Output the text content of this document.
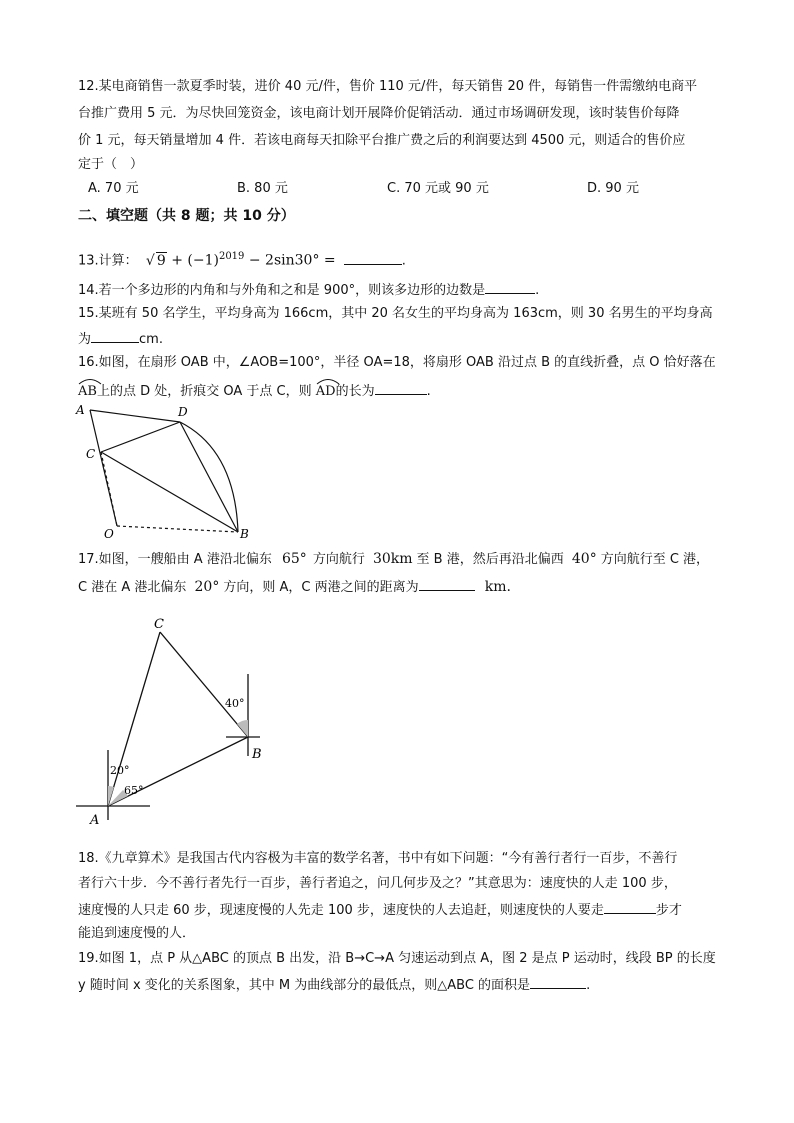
12.某电商销售一款夏季时装，进价 40 元/件，售价 110 元/件，每天销售 20 件，每销售一件需缴纳电商平
台推广费用 5 元．为尽快回笼资金，该电商计划开展降价促销活动．通过市场调研发现，该时装售价每降
价 1 元，每天销量增加 4 件．若该电商每天扣除平台推广费之后的利润要达到 4500 元，则适合的售价应
定于（　）
A. 70 元	B. 80 元	C. 70 元或 90 元	D. 90 元
二、填空题（共 8 题；共 10 分）
13.计算： √ $9 + (-1)^{2019} - 2\sin 30^\circ$ =	.
14.若一个多边形的内角和与外角和之和是 900°，则该多边形的边数是	.
15.某班有 50 名学生，平均身高为 166cm，其中 20 名女生的平均身高为 163cm，则 30 名男生的平均身高
为	cm.
16.如图，在扇形 OAB 中，∠AOB=100°，半径 OA=18，将扇形 OAB 沿过点 B 的直线折叠，点 O 恰好落在
AB上的点 D 处，折痕交 OA 于点 C，则 AD的长为	.
A	D
C
O	B
17.如图，一艘船由 A 港沿北偏东 65° 方向航行 30km 至 B 港，然后再沿北偏西 40° 方向航行至 C 港，
C 港在 A 港北偏东 20° 方向，则 A，C 两港之间的距离为	km.
C
B
A
20°
65°
40°
18.《九章算术》是我国古代内容极为丰富的数学名著，书中有如下问题：“今有善行者行一百步，不善行
者行六十步．今不善行者先行一百步，善行者追之，问几何步及之？”其意思为：速度快的人走 100 步，
速度慢的人只走 60 步，现速度慢的人先走 100 步，速度快的人去追赶，则速度快的人要走	步才
能追到速度慢的人．
19.如图 1，点 P 从△ABC 的顶点 B 出发，沿 B→C→A 匀速运动到点 A，图 2 是点 P 运动时，线段 BP 的长度
y 随时间 x 变化的关系图象，其中 M 为曲线部分的最低点，则△ABC 的面积是	.
